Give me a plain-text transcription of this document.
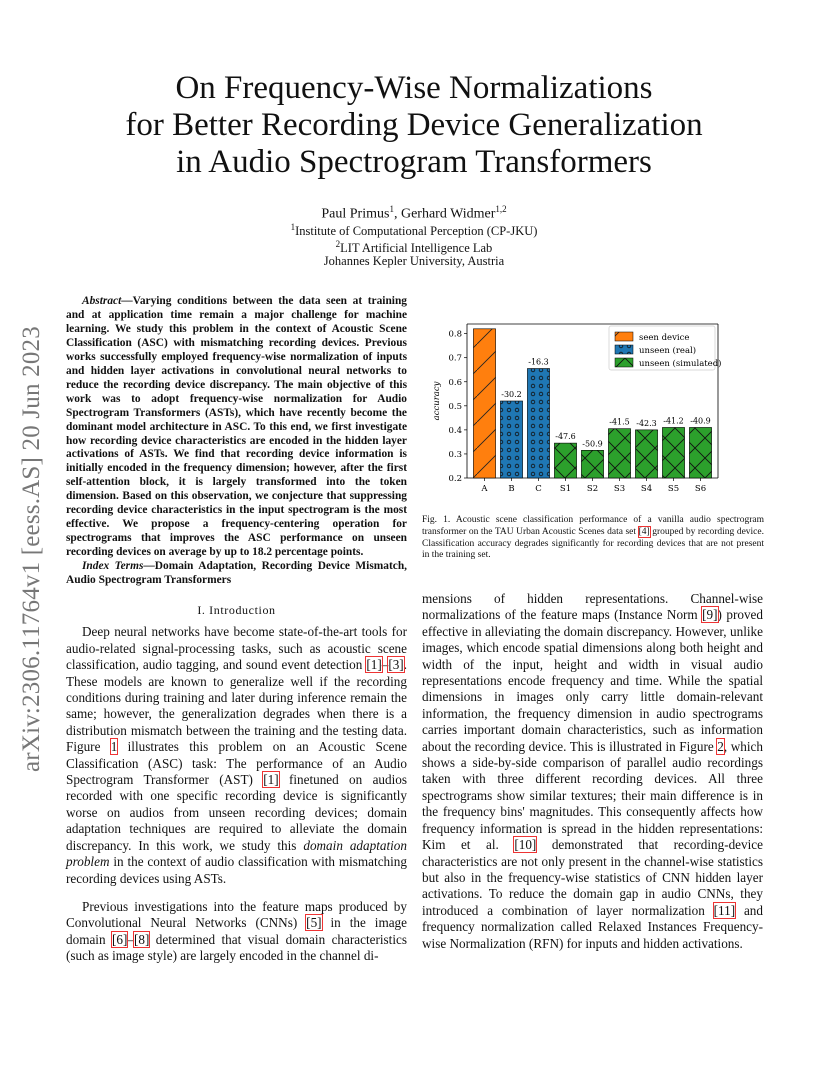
arXiv:2306.11764v1 [eess.AS] 20 Jun 2023
On Frequency-Wise Normalizations
for Better Recording Device Generalization
in Audio Spectrogram Transformers
Paul Primus$^1$, Gerhard Widmer$^{1,2}$
$^1$Institute of Computational Perception (CP-JKU)
$^2$LIT Artificial Intelligence Lab
Johannes Kepler University, Austria

Abstract—Varying conditions between the data seen at training and at application time remain a major challenge for machine learning. We study this problem in the context of Acoustic Scene Classification (ASC) with mismatching recording devices. Previous works successfully employed frequency-wise normalization of inputs and hidden layer activations in convolutional neural networks to reduce the recording device discrepancy. The main objective of this work was to adopt frequency-wise normalization for Audio Spectrogram Transformers (ASTs), which have recently become the dominant model architecture in ASC. To this end, we first investigate how recording device characteristics are encoded in the hidden layer activations of ASTs. We find that recording device information is initially encoded in the frequency dimension; however, after the first self-attention block, it is largely transformed into the token dimension. Based on this observation, we conjecture that suppressing recording device characteristics in the input spectrogram is the most effective. We propose a frequency-centering operation for spectrograms that improves the ASC performance on unseen recording devices on average by up to 18.2 percentage points.

Index Terms—Domain Adaptation, Recording Device Mismatch, Audio Spectrogram Transformers

I. Introduction

Deep neural networks have become state-of-the-art tools for audio-related signal-processing tasks, such as acoustic scene classification, audio tagging, and sound event detection [1]–[3]. These models are known to generalize well if the recording conditions during training and later during inference remain the same; however, the generalization degrades when there is a distribution mismatch between the training and the testing data. Figure 1 illustrates this problem on an Acoustic Scene Classification (ASC) task: The performance of an Audio Spectrogram Transformer (AST) [1] finetuned on audios recorded with one specific recording device is significantly worse on audios from unseen recording devices; domain adaptation techniques are required to alleviate the domain discrepancy. In this work, we study this domain adaptation problem in the context of audio classification with mismatching recording devices using ASTs.

Previous investigations into the feature maps produced by Convolutional Neural Networks (CNNs) [5] in the image domain [6]–[8] determined that visual domain characteristics (such as image style) are largely encoded in the channel di-

0.2
0.3
0.4
0.5
0.6
0.7
0.8
accuracy
A B C S1 S2 S3 S4 S5 S6
-30.2
-16.3
-47.6
-50.9
-41.5 -42.3 -41.2 -40.9
seen device
unseen (real)
unseen (simulated)
Fig. 1. Acoustic scene classification performance of a vanilla audio spectrogram transformer on the TAU Urban Acoustic Scenes data set [4] grouped by recording device. Classification accuracy degrades significantly for recording devices that are not present in the training set.

mensions of hidden representations. Channel-wise normalizations of the feature maps (Instance Norm [9]) proved effective in alleviating the domain discrepancy. However, unlike images, which encode spatial dimensions along both height and width of the input, height and width in visual audio representations encode frequency and time. While the spatial dimensions in images only carry little domain-relevant information, the frequency dimension in audio spectrograms carries important domain characteristics, such as information about the recording device. This is illustrated in Figure 2, which shows a side-by-side comparison of parallel audio recordings taken with three different recording devices. All three spectrograms show similar textures; their main difference is in the frequency bins' magnitudes. This consequently affects how frequency information is spread in the hidden representations: Kim et al. [10] demonstrated that recording-device characteristics are not only present in the channel-wise statistics but also in the frequency-wise statistics of CNN hidden layer activations. To reduce the domain gap in audio CNNs, they introduced a combination of layer normalization [11] and frequency normalization called Relaxed Instances Frequency-wise Normalization (RFN) for inputs and hidden activations.
